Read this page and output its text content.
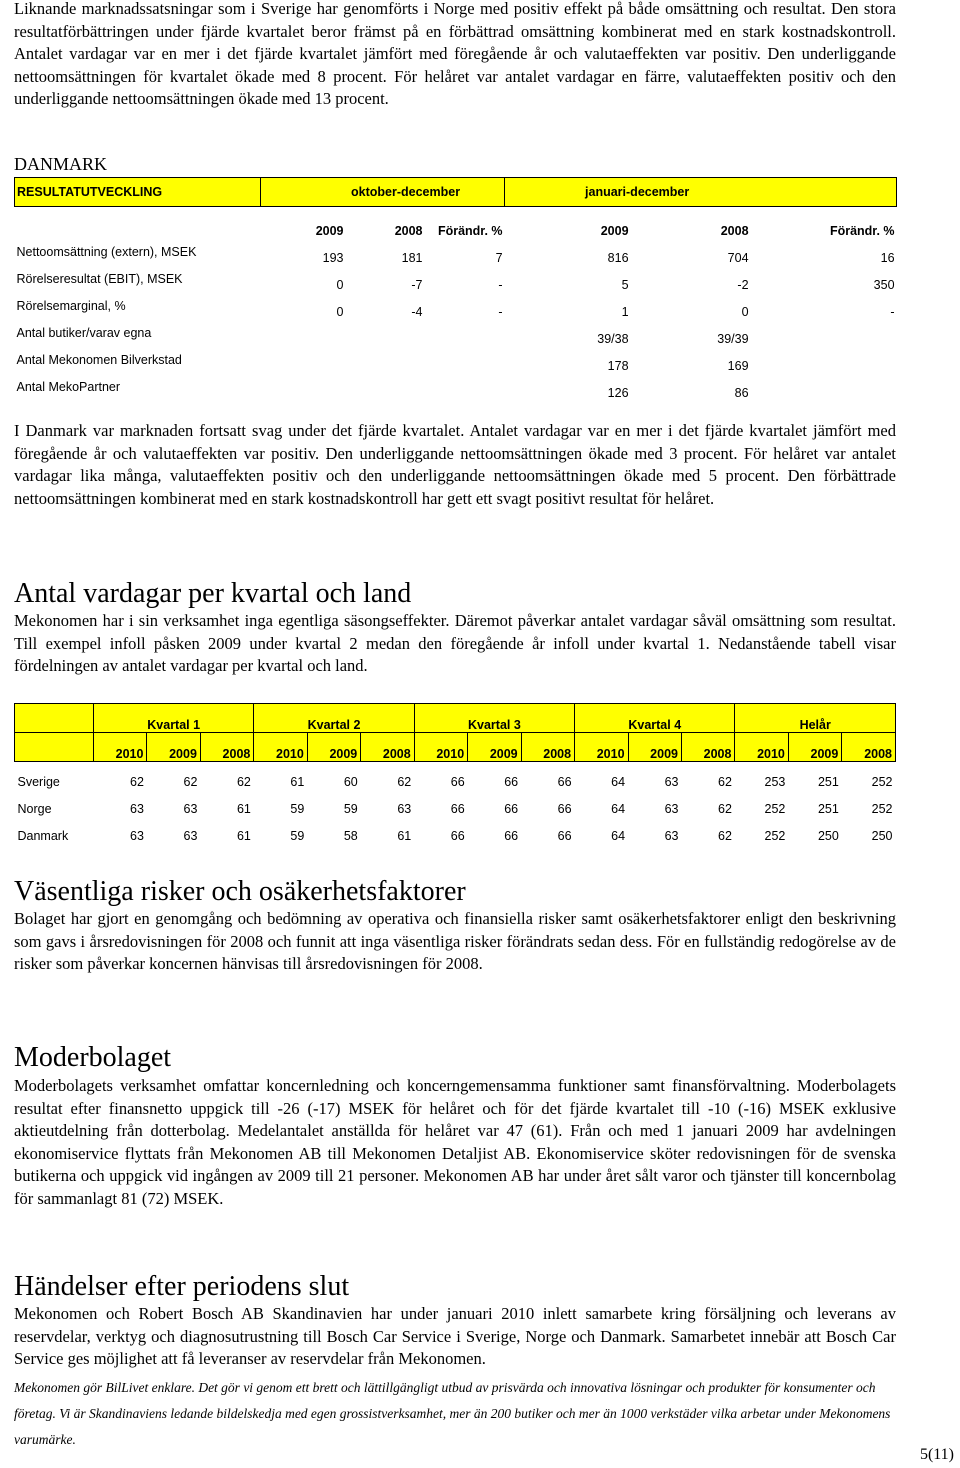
Liknande marknadssatsningar som i Sverige har genomförts i Norge med positiv effekt på både omsättning och resultat. Den stora resultatförbättringen under fjärde kvartalet beror främst på en förbättrad omsättning kombinerat med en stark kostnadskontroll. Antalet vardagar var en mer i det fjärde kvartalet jämfört med föregående år och valutaeffekten var positiv. Den underliggande nettoomsättningen för kvartalet ökade med 8 procent. För helåret var antalet vardagar en färre, valutaeffekten positiv och den underliggande nettoomsättningen ökade med 13 procent.

DANMARK
RESULTATUTVECKLING	oktober-december			januari-december		
	2009	2008	Förändr. %	2009	2008	Förändr. %
Nettoomsättning (extern), MSEK	193	181	7	816	704	16
Rörelseresultat (EBIT), MSEK	0	-7	-	5	-2	350
Rörelsemarginal, %	0	-4	-	1	0	-
Antal butiker/varav egna				39/38	39/39	
Antal Mekonomen Bilverkstad				178	169	
Antal MekoPartner				126	86	

I Danmark var marknaden fortsatt svag under det fjärde kvartalet. Antalet vardagar var en mer i det fjärde kvartalet jämfört med föregående år och valutaeffekten var positiv. Den underliggande nettoomsättningen ökade med 3 procent. För helåret var antalet vardagar lika många, valutaeffekten positiv och den underliggande nettoomsättningen ökade med 5 procent. Den förbättrade nettoomsättningen kombinerat med en stark kostnadskontroll har gett ett svagt positivt resultat för helåret.

Antal vardagar per kvartal och land

Mekonomen har i sin verksamhet inga egentliga säsongseffekter. Däremot påverkar antalet vardagar såväl omsättning som resultat. Till exempel infoll påsken 2009 under kvartal 2 medan den föregående år infoll under kvartal 1. Nedanstående tabell visar fördelningen av antalet vardagar per kvartal och land.

	Kvartal 1			Kvartal 2			Kvartal 3			Kvartal 4			Helår		
	2010	2009	2008	2010	2009	2008	2010	2009	2008	2010	2009	2008	2010	2009	2008
Sverige	62	62	62	61	60	62	66	66	66	64	63	62	253	251	252
Norge	63	63	61	59	59	63	66	66	66	64	63	62	252	251	252
Danmark	63	63	61	59	58	61	66	66	66	64	63	62	252	250	250
Väsentliga risker och osäkerhetsfaktorer

Bolaget har gjort en genomgång och bedömning av operativa och finansiella risker samt osäkerhetsfaktorer enligt den beskrivning som gavs i årsredovisningen för 2008 och funnit att inga väsentliga risker förändrats sedan dess. För en fullständig redogörelse av de risker som påverkar koncernen hänvisas till årsredovisningen för 2008.

Moderbolaget

Moderbolagets verksamhet omfattar koncernledning och koncerngemensamma funktioner samt finansförvaltning. Moderbolagets resultat efter finansnetto uppgick till -26 (-17) MSEK för helåret och för det fjärde kvartalet till -10 (-16) MSEK exklusive aktieutdelning från dotterbolag. Medelantalet anställda för helåret var 47 (61). Från och med 1 januari 2009 har avdelningen ekonomiservice flyttats från Mekonomen AB till Mekonomen Detaljist AB. Ekonomiservice sköter redovisningen för de svenska butikerna och uppgick vid ingången av 2009 till 21 personer. Mekonomen AB har under året sålt varor och tjänster till koncernbolag för sammanlagt 81 (72) MSEK.

Händelser efter periodens slut

Mekonomen och Robert Bosch AB Skandinavien har under januari 2010 inlett samarbete kring försäljning och leverans av reservdelar, verktyg och diagnosutrustning till Bosch Car Service i Sverige, Norge och Danmark. Samarbetet innebär att Bosch Car Service ges möjlighet att få leveranser av reservdelar från Mekonomen.

Mekonomen gör BilLivet enklare. Det gör vi genom ett brett och lättillgängligt utbud av prisvärda och innovativa lösningar och produkter för konsumenter och företag. Vi är Skandinaviens ledande bildelskedja med egen grossistverksamhet, mer än 200 butiker och mer än 1000 verkstäder vilka arbetar under Mekonomens varumärke.

5(11)
